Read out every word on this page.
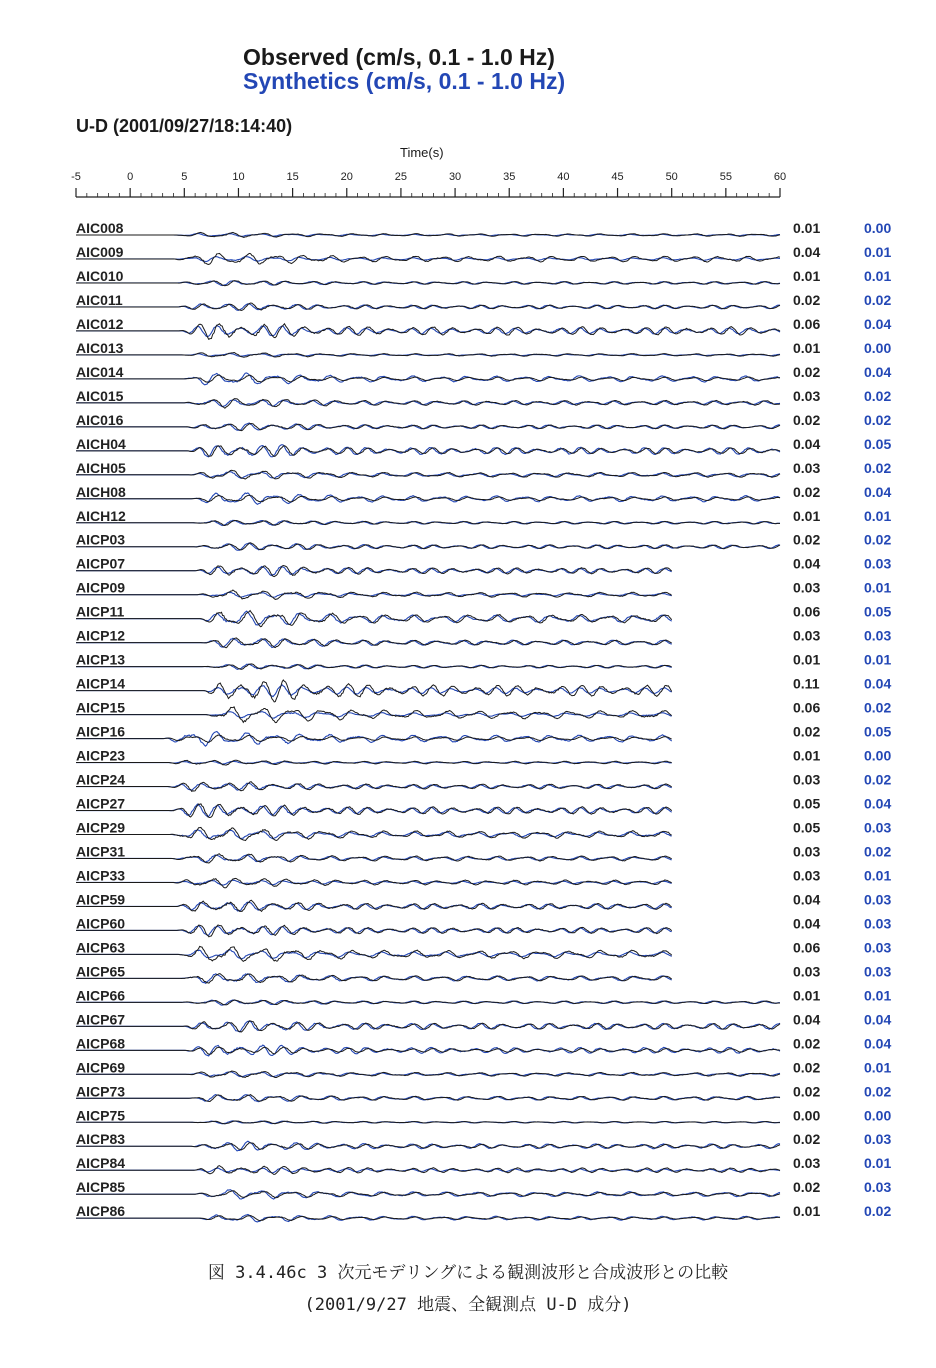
Observed (cm/s, 0.1 - 1.0 Hz)
Synthetics (cm/s, 0.1 - 1.0 Hz)
U-D (2001/09/27/18:14:40)
Time(s)
-5	0	5	10	15	20	25	30	35	40	45	50	55	60
AIC008	0.01	0.00
AIC009	0.04	0.01
AIC010	0.01	0.01
AIC011	0.02	0.02
AIC012	0.06	0.04
AIC013	0.01	0.00
AIC014	0.02	0.04
AIC015	0.03	0.02
AIC016	0.02	0.02
AICH04	0.04	0.05
AICH05	0.03	0.02
AICH08	0.02	0.04
AICH12	0.01	0.01
AICP03	0.02	0.02
AICP07	0.04	0.03
AICP09	0.03	0.01
AICP11	0.06	0.05
AICP12	0.03	0.03
AICP13	0.01	0.01
AICP14	0.11	0.04
AICP15	0.06	0.02
AICP16	0.02	0.05
AICP23	0.01	0.00
AICP24	0.03	0.02
AICP27	0.05	0.04
AICP29	0.05	0.03
AICP31	0.03	0.02
AICP33	0.03	0.01
AICP59	0.04	0.03
AICP60	0.04	0.03
AICP63	0.06	0.03
AICP65	0.03	0.03
AICP66	0.01	0.01
AICP67	0.04	0.04
AICP68	0.02	0.04
AICP69	0.02	0.01
AICP73	0.02	0.02
AICP75	0.00	0.00
AICP83	0.02	0.03
AICP84	0.03	0.01
AICP85	0.02	0.03
AICP86	0.01	0.02
図 3.4.46c 3 次元モデリングによる観測波形と合成波形との比較
(2001/9/27 地震、全観測点 U-D 成分)
